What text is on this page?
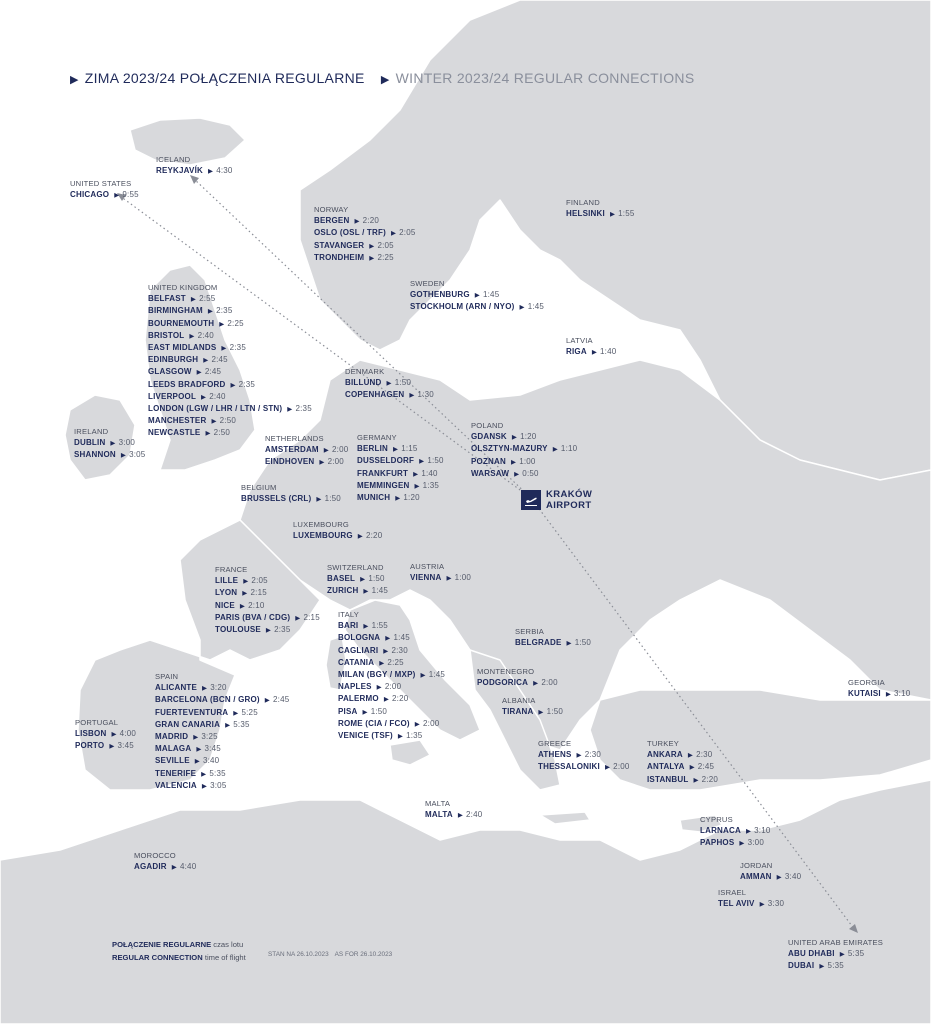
▶ ZIMA 2023/24 POŁĄCZENIA REGULARNE ▶ WINTER 2023/24 REGULAR CONNECTIONS
ICELAND
REYKJAVÍK ▶ 4:30
UNITED STATES
CHICAGO ▶ 9:55
NORWAY
BERGEN ▶ 2:20
OSLO (OSL / TRF) ▶ 2:05
STAVANGER ▶ 2:05
TRONDHEIM ▶ 2:25
FINLAND
HELSINKI ▶ 1:55
SWEDEN
GOTHENBURG ▶ 1:45
STOCKHOLM (ARN / NYO) ▶ 1:45
LATVIA
RIGA ▶ 1:40
UNITED KINGDOM
BELFAST ▶ 2:55
BIRMINGHAM ▶ 2:35
BOURNEMOUTH ▶ 2:25
BRISTOL ▶ 2:40
EAST MIDLANDS ▶ 2:35
EDINBURGH ▶ 2:45
GLASGOW ▶ 2:45
LEEDS BRADFORD ▶ 2:35
LIVERPOOL ▶ 2:40
LONDON (LGW / LHR / LTN / STN) ▶ 2:35
MANCHESTER ▶ 2:50
NEWCASTLE ▶ 2:50
DENMARK
BILLUND ▶ 1:50
COPENHAGEN ▶ 1:30
IRELAND
DUBLIN ▶ 3:00
SHANNON ▶ 3:05
NETHERLANDS
AMSTERDAM ▶ 2:00
EINDHOVEN ▶ 2:00
GERMANY
BERLIN ▶ 1:15
DUSSELDORF ▶ 1:50
FRANKFURT ▶ 1:40
MEMMINGEN ▶ 1:35
MUNICH ▶ 1:20
POLAND
GDANSK ▶ 1:20
OLSZTYN-MAZURY ▶ 1:10
POZNAN ▶ 1:00
WARSAW ▶ 0:50
BELGIUM
BRUSSELS (CRL) ▶ 1:50
LUXEMBOURG
LUXEMBOURG ▶ 2:20
FRANCE
LILLE ▶ 2:05
LYON ▶ 2:15
NICE ▶ 2:10
PARIS (BVA / CDG) ▶ 2:15
TOULOUSE ▶ 2:35
SWITZERLAND
BASEL ▶ 1:50
ZURICH ▶ 1:45
AUSTRIA
VIENNA ▶ 1:00
ITALY
BARI ▶ 1:55
BOLOGNA ▶ 1:45
CAGLIARI ▶ 2:30
CATANIA ▶ 2:25
MILAN (BGY / MXP) ▶ 1:45
NAPLES ▶ 2:00
PALERMO ▶ 2:20
PISA ▶ 1:50
ROME (CIA / FCO) ▶ 2:00
VENICE (TSF) ▶ 1:35
SERBIA
BELGRADE ▶ 1:50
MONTENEGRO
PODGORICA ▶ 2:00
ALBANIA
TIRANA ▶ 1:50
GEORGIA
KUTAISI ▶ 3:10
SPAIN
ALICANTE ▶ 3:20
BARCELONA (BCN / GRO) ▶ 2:45
FUERTEVENTURA ▶ 5:25
GRAN CANARIA ▶ 5:35
MADRID ▶ 3:25
MALAGA ▶ 3:45
SEVILLE ▶ 3:40
TENERIFE ▶ 5:35
VALENCIA ▶ 3:05
PORTUGAL
LISBON ▶ 4:00
PORTO ▶ 3:45	GREECE
ATHENS ▶ 2:30
THESSALONIKI ▶ 2:00
TURKEY
ANKARA ▶ 2:30
ANTALYA ▶ 2:45
ISTANBUL ▶ 2:20
MALTA
MALTA ▶ 2:40
CYPRUS
LARNACA ▶ 3:10
PAPHOS ▶ 3:00
MOROCCO
AGADIR ▶ 4:40	JORDAN
AMMAN ▶ 3:40
ISRAEL
TEL AVIV ▶ 3:30
UNITED ARAB EMIRATES
ABU DHABI ▶ 5:35
DUBAI ▶ 5:35
KRAKÓW
AIRPORT
POŁĄCZENIE REGULARNE czas lotu
REGULAR CONNECTION time of flight	STAN NA 26.10.2023 AS FOR 26.10.2023
